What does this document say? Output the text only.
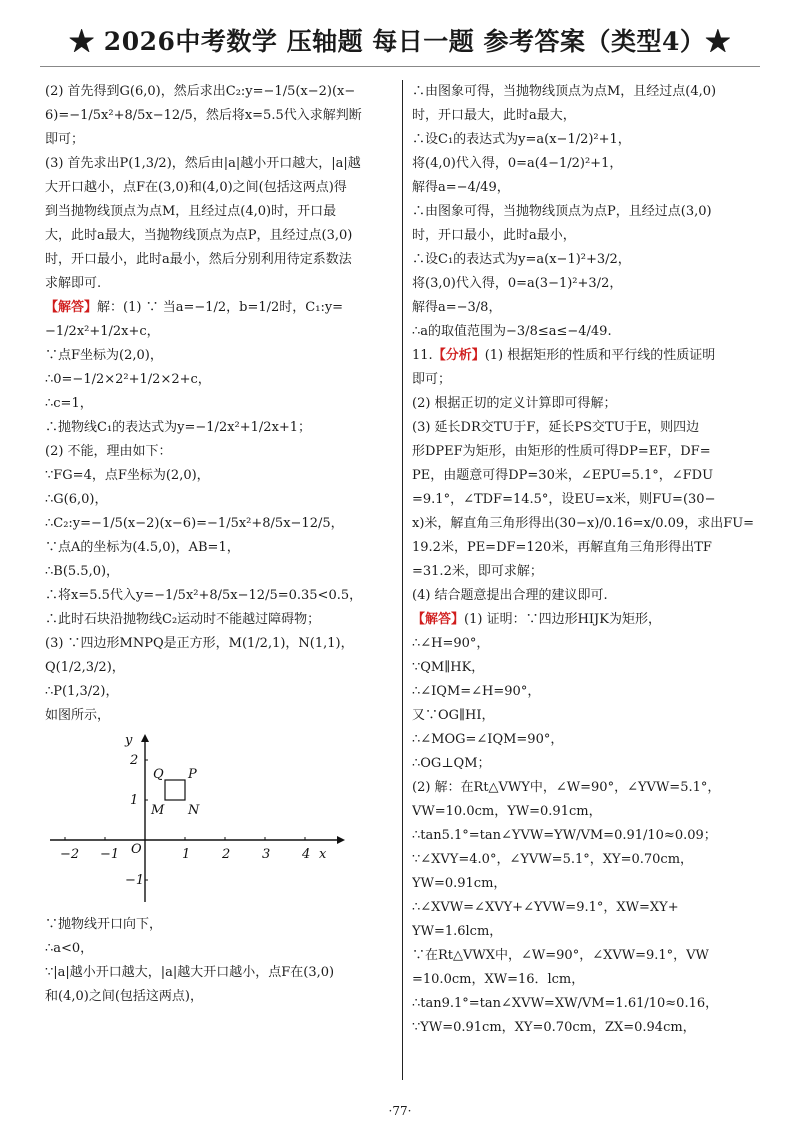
★ 2026中考数学 压轴题 每日一题 参考答案（类型4）★

(2) 首先得到G(6,0)，然后求出C₂:y=−1/5(x−2)(x−

6)=−1/5x²+8/5x−12/5，然后将x=5.5代入求解判断

即可；

(3) 首先求出P(1,3/2)，然后由|a|越小开口越大，|a|越

大开口越小，点F在(3,0)和(4,0)之间(包括这两点)得

到当抛物线顶点为点M，且经过点(4,0)时，开口最

大，此时a最大，当抛物线顶点为点P，且经过点(3,0)

时，开口最小，此时a最小，然后分别利用待定系数法

求解即可.

【解答】解：(1) ∵ 当a=−1/2，b=1/2时，C₁:y=

−1/2x²+1/2x+c，

∵点F坐标为(2,0)，

∴0=−1/2×2²+1/2×2+c，

∴c=1，

∴抛物线C₁的表达式为y=−1/2x²+1/2x+1；

(2) 不能，理由如下：

∵FG=4，点F坐标为(2,0)，

∴G(6,0)，

∴C₂:y=−1/5(x−2)(x−6)=−1/5x²+8/5x−12/5，

∵点A的坐标为(4.5,0)，AB=1，

∴B(5.5,0)，

∴将x=5.5代入y=−1/5x²+8/5x−12/5=0.35<0.5，

∴此时石块沿抛物线C₂运动时不能越过障碍物；

(3) ∵四边形MNPQ是正方形，M(1/2,1)，N(1,1)，

Q(1/2,3/2)，

∴P(1,3/2)，

如图所示，

−2 −1	1 2 3 4
2
1
−1
O	x
y
Q P
M N

∵抛物线开口向下，

∴a<0，

∵|a|越小开口越大，|a|越大开口越小，点F在(3,0)

和(4,0)之间(包括这两点)，

∴由图象可得，当抛物线顶点为点M，且经过点(4,0)

时，开口最大，此时a最大，

∴设C₁的表达式为y=a(x−1/2)²+1，

将(4,0)代入得，0=a(4−1/2)²+1，

解得a=−4/49，

∴由图象可得，当抛物线顶点为点P，且经过点(3,0)

时，开口最小，此时a最小，

∴设C₁的表达式为y=a(x−1)²+3/2，

将(3,0)代入得，0=a(3−1)²+3/2，

解得a=−3/8，

∴a的取值范围为−3/8≤a≤−4/49.

11.【分析】(1) 根据矩形的性质和平行线的性质证明

即可；

(2) 根据正切的定义计算即可得解；

(3) 延长DR交TU于F，延长PS交TU于E，则四边

形DPEF为矩形，由矩形的性质可得DP=EF，DF=

PE，由题意可得DP=30米，∠EPU=5.1°，∠FDU

=9.1°，∠TDF=14.5°，设EU=x米，则FU=(30−

x)米，解直角三角形得出(30−x)/0.16=x/0.09，求出FU=

19.2米，PE=DF=120米，再解直角三角形得出TF

=31.2米，即可求解；

(4) 结合题意提出合理的建议即可.

【解答】(1) 证明：∵四边形HIJK为矩形，

∴∠H=90°，

∵QM∥HK，

∴∠IQM=∠H=90°，

又∵OG∥HI，

∴∠MOG=∠IQM=90°，

∴OG⊥QM；

(2) 解：在Rt△VWY中，∠W=90°，∠YVW=5.1°，

VW=10.0cm，YW=0.91cm，

∴tan5.1°=tan∠YVW=YW/VM=0.91/10≈0.09；

∵∠XVY=4.0°，∠YVW=5.1°，XY=0.70cm，

YW=0.91cm，

∴∠XVW=∠XVY+∠YVW=9.1°，XW=XY+

YW=1.6lcm，

∵在Rt△VWX中，∠W=90°，∠XVW=9.1°，VW

=10.0cm，XW=16．lcm，

∴tan9.1°=tan∠XVW=XW/VM=1.61/10≈0.16，

∵YW=0.91cm，XY=0.70cm，ZX=0.94cm，

·77·
